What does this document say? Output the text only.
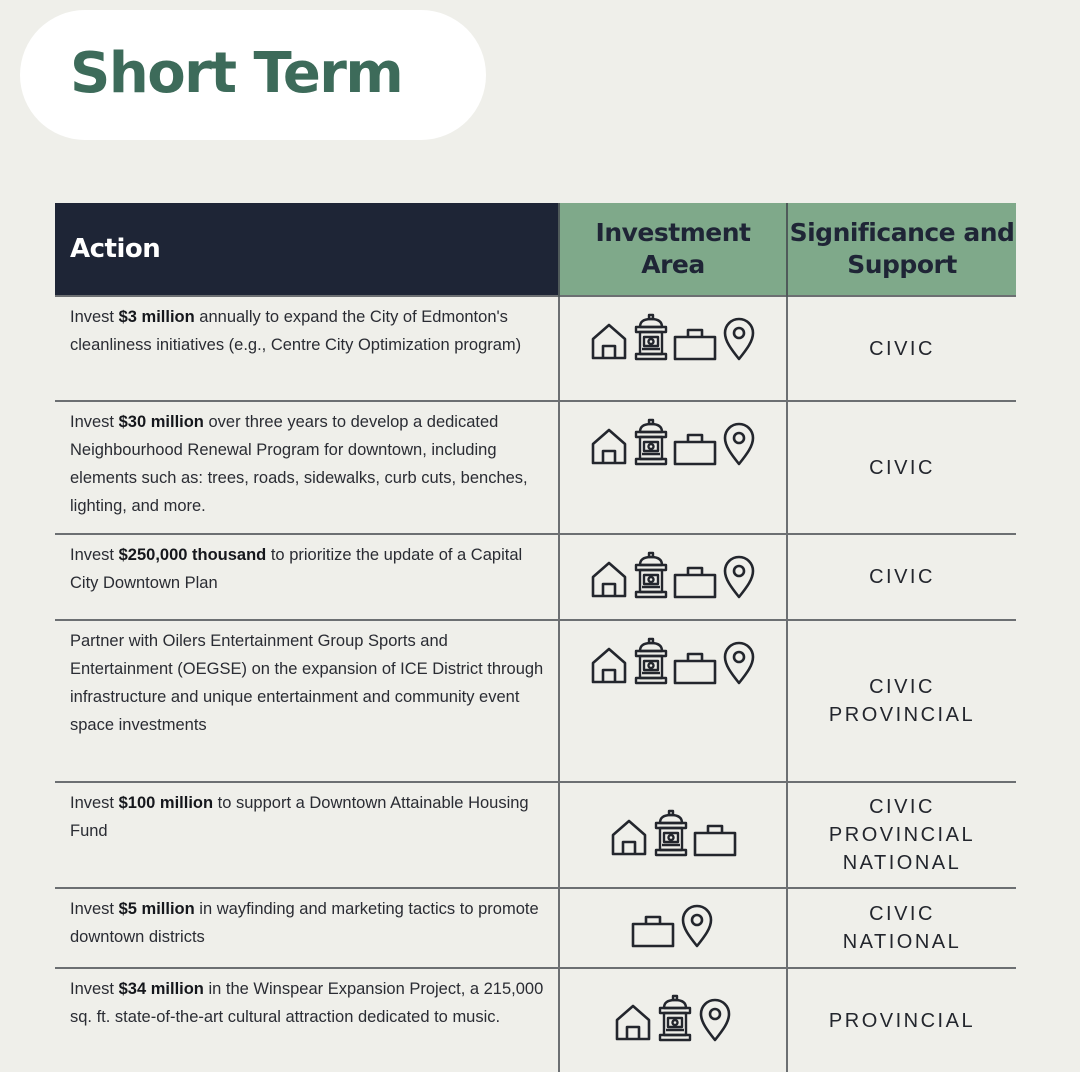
Short Term
Action	Investment Area	Significance and Support
Invest $3 million annually to expand the City of Edmonton's cleanliness initiatives (e.g., Centre City Optimization program)		CIVIC

Invest $30 million over three years to develop a dedicated Neighbourhood Renewal Program for downtown, including elements such as: trees, roads, sidewalks, curb cuts, benches, lighting, and more.		CIVIC

Invest $250,000 thousand to prioritize the update of a Capital City Downtown Plan		CIVIC

Partner with Oilers Entertainment Group Sports and Entertainment (OEGSE) on the expansion of ICE District through infrastructure and unique entertainment and community event space investments		CIVIC
PROVINCIAL

Invest $100 million to support a Downtown Attainable Housing Fund		CIVIC
PROVINCIAL
NATIONAL

Invest $5 million in wayfinding and marketing tactics to promote downtown districts		CIVIC
NATIONAL

Invest $34 million in the Winspear Expansion Project, a 215,000 sq. ft. state-of-the-art cultural attraction dedicated to music.		PROVINCIAL
